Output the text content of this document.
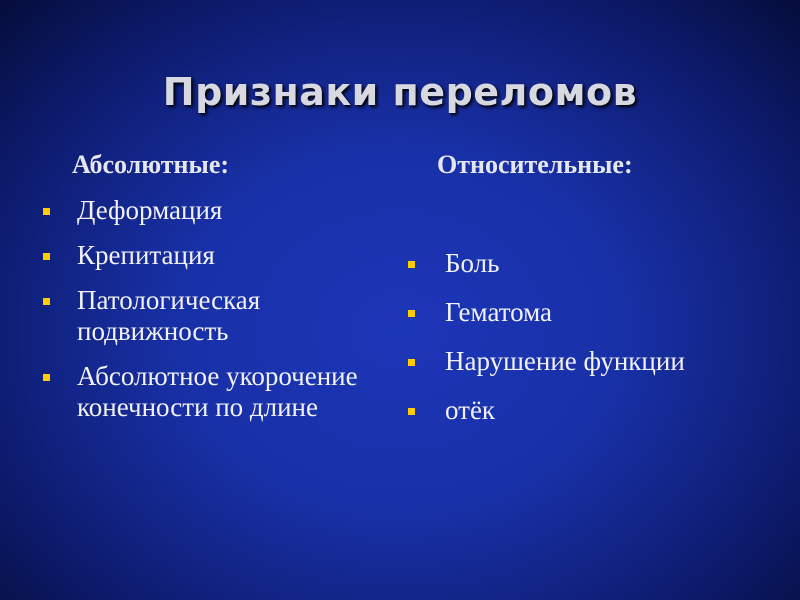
Признаки переломов
Абсолютные:
Деформация
Крепитация
Патологическая подвижность
Абсолютное укорочение конечности по длине
Относительные:
Боль
Гематома
Нарушение функции
отёк
